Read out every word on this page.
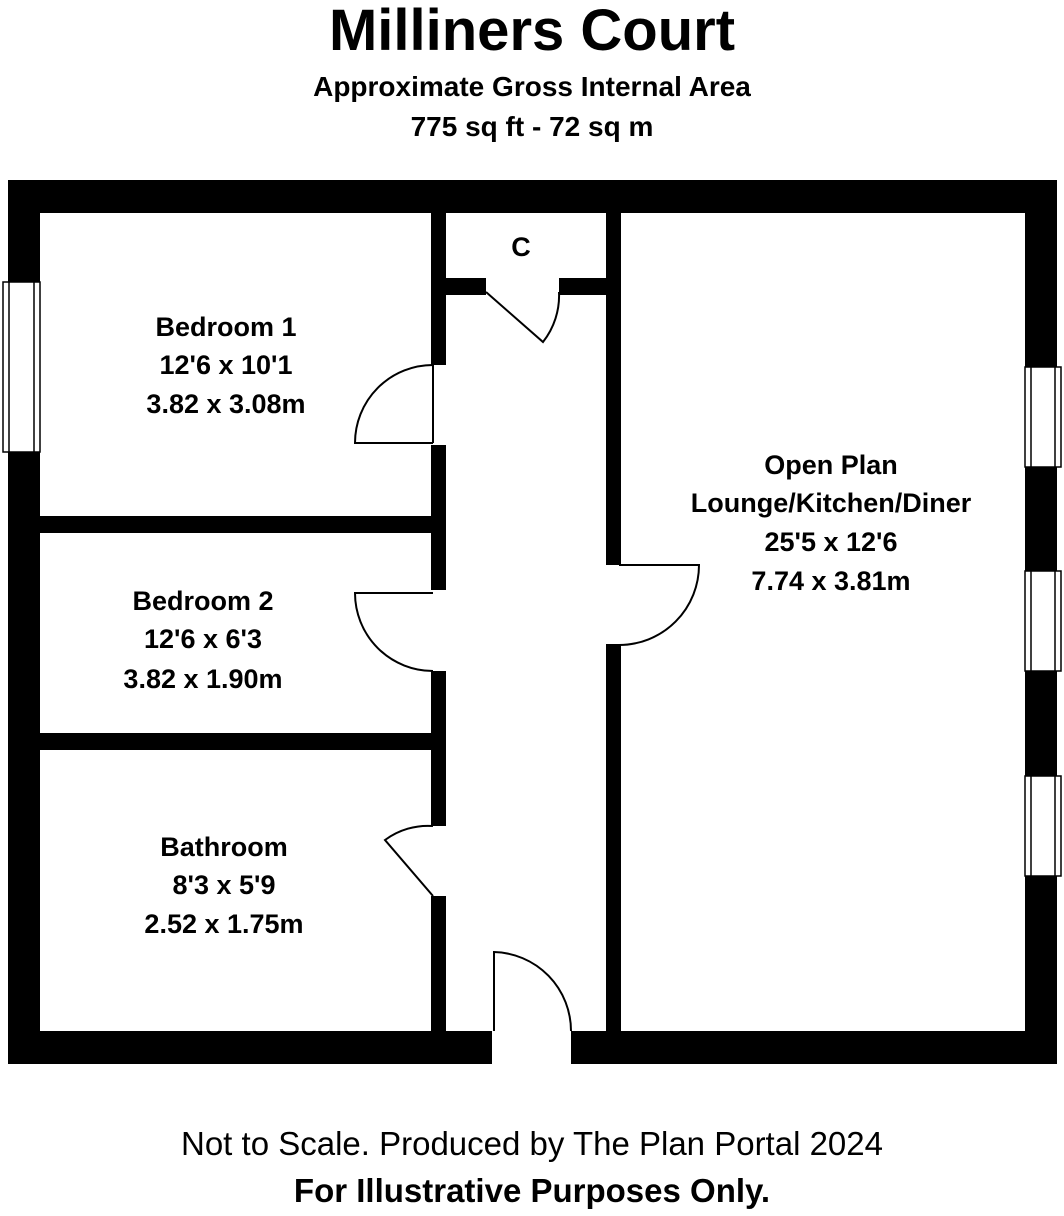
Milliners Court
Approximate Gross Internal Area
775 sq ft - 72 sq m
Bedroom 1
12'6 x 10'1
3.82 x 3.08m
Bedroom 2
12'6 x 6'3
3.82 x 1.90m
Bathroom
8'3 x 5'9
2.52 x 1.75m
C
Open Plan
Lounge/Kitchen/Diner
25'5 x 12'6
7.74 x 3.81m
Not to Scale. Produced by The Plan Portal 2024
For Illustrative Purposes Only.
